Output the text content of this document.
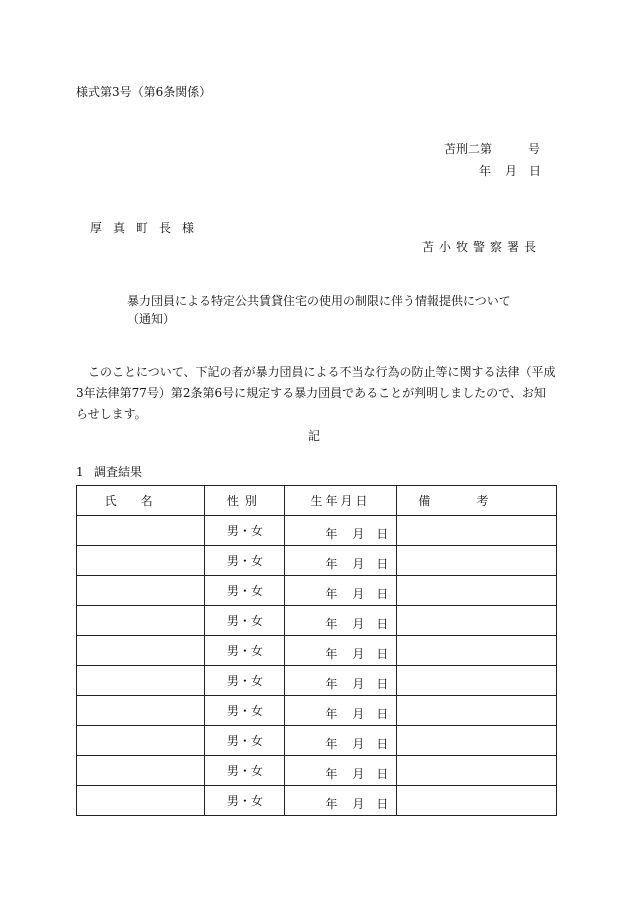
様式第3号（第6条関係）
苫刑二第	号
年 月 日
厚真町長様
苫小牧警察署長
暴力団員による特定公共賃貸住宅の使用の制限に伴う情報提供について
（通知）

このことについて、下記の者が暴力団員による不当な行為の防止等に関する法律（平成3年法律第77号）第2条第6号に規定する暴力団員であることが判明しましたので、お知らせします。

記
1 調査結果
氏名	性別	生年月日	備考
	男・女	年 月 日	

	男・女	年 月 日	

	男・女	年 月 日	

	男・女	年 月 日	

	男・女	年 月 日	

	男・女	年 月 日	

	男・女	年 月 日	

	男・女	年 月 日	

	男・女	年 月 日	

	男・女	年 月 日	
